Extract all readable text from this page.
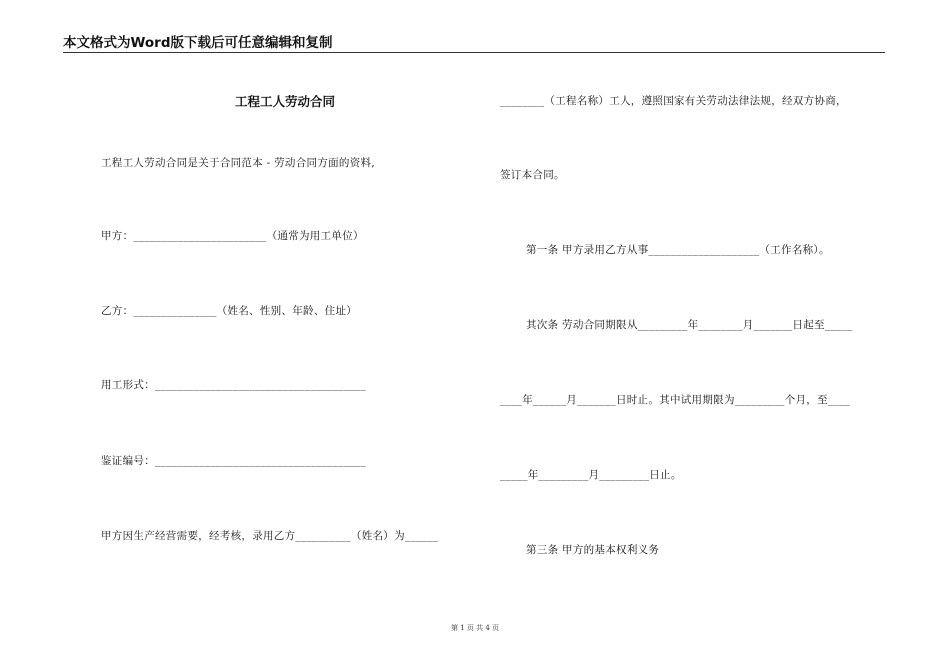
本文格式为Word版下载后可任意编辑和复制
工程工人劳动合同
工程工人劳动合同是关于合同范本 - 劳动合同方面的资料,
甲方：________________________（通常为用工单位）
乙方：_______________（姓名、性别、年龄、住址）
用工形式：______________________________________
鉴证编号：______________________________________
甲方因生产经营需要，经考核，录用乙方__________（姓名）为______
________（工程名称）工人，遵照国家有关劳动法律法规，经双方协商，
签订本合同。
第一条 甲方录用乙方从事____________________（工作名称）。
其次条 劳动合同期限从_________年________月_______日起至_____
____年______月_______日时止。其中试用期限为_________个月，至____
_____年_________月_________日止。
第三条 甲方的基本权利义务
第 1 页 共 4 页
